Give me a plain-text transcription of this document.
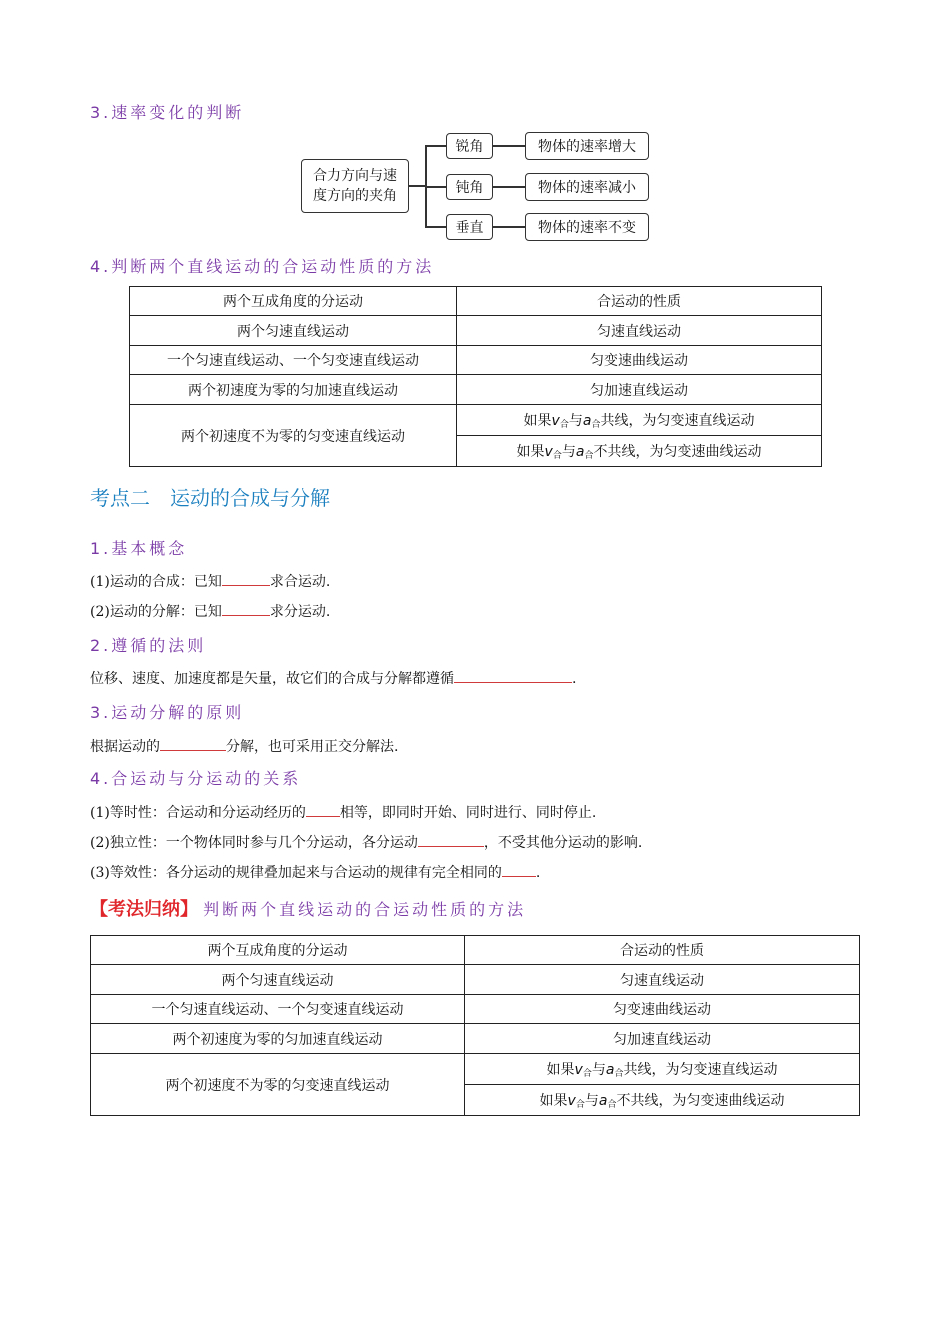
3.速率变化的判断
合力方向与速
度方向的夹角
锐角
钝角
垂直
物体的速率增大
物体的速率减小
物体的速率不变
4.判断两个直线运动的合运动性质的方法
两个互成角度的分运动	合运动的性质
两个匀速直线运动	匀速直线运动
一个匀速直线运动、一个匀变速直线运动	匀变速曲线运动
两个初速度为零的匀加速直线运动	匀加速直线运动
两个初速度不为零的匀变速直线运动	如果v合与a合共线，为匀变速直线运动
	如果v合与a合不共线，为匀变速曲线运动
考点二　运动的合成与分解
1.基本概念
(1)运动的合成：已知	求合运动.
(2)运动的分解：已知	求分运动.
2.遵循的法则
位移、速度、加速度都是矢量，故它们的合成与分解都遵循	.
3.运动分解的原则
根据运动的	分解，也可采用正交分解法.
4.合运动与分运动的关系
(1)等时性：合运动和分运动经历的 相等，即同时开始、同时进行、同时停止.
(2)独立性：一个物体同时参与几个分运动，各分运动	，不受其他分运动的影响.
(3)等效性：各分运动的规律叠加起来与合运动的规律有完全相同的 .
【考法归纳】 判断两个直线运动的合运动性质的方法
两个互成角度的分运动	合运动的性质
两个匀速直线运动	匀速直线运动
一个匀速直线运动、一个匀变速直线运动	匀变速曲线运动
两个初速度为零的匀加速直线运动	匀加速直线运动
两个初速度不为零的匀变速直线运动	如果v合与a合共线，为匀变速直线运动
	如果v合与a合不共线，为匀变速曲线运动
